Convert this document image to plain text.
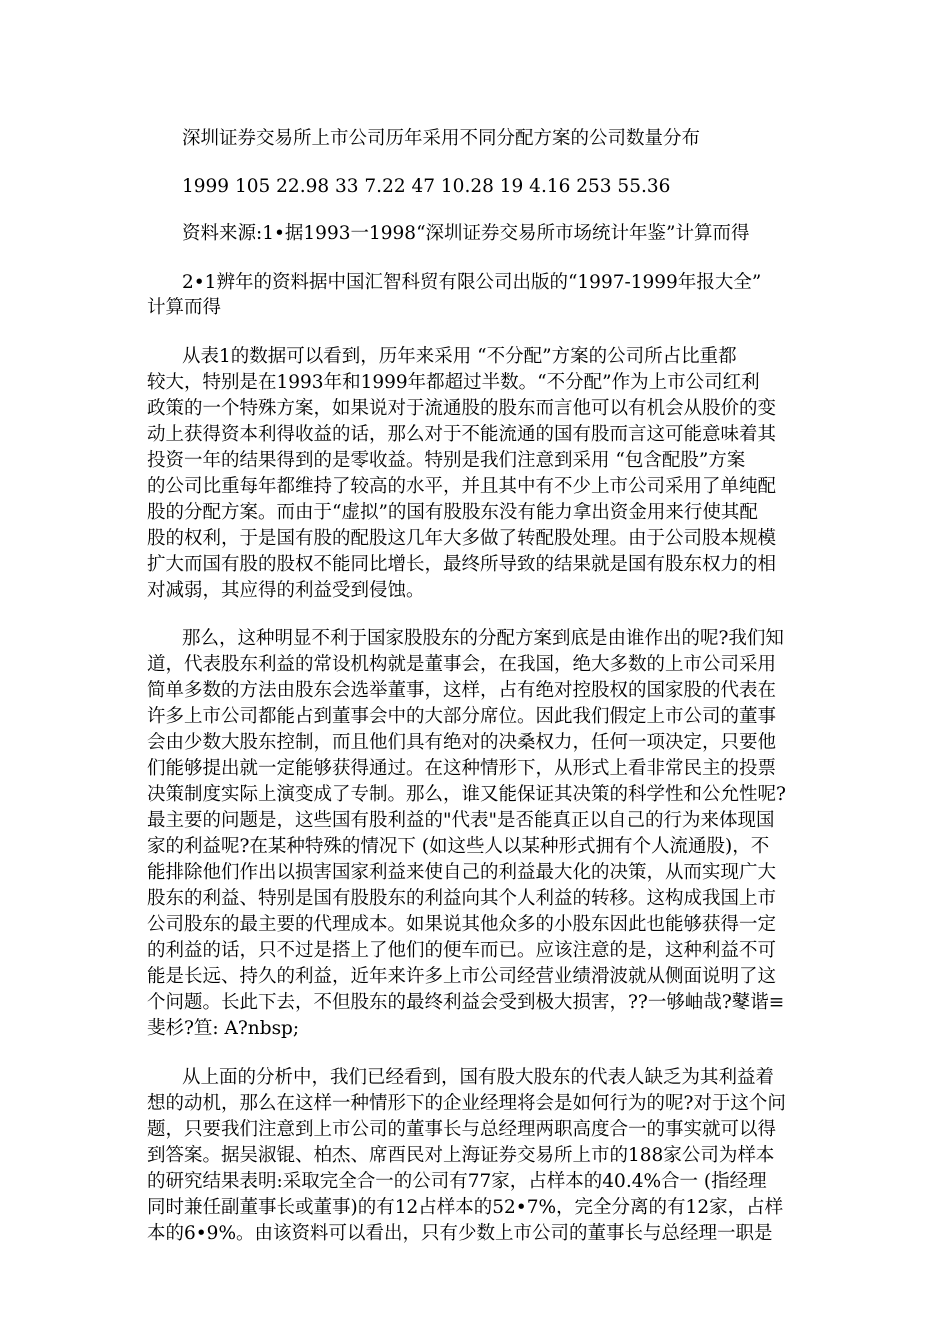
深圳证券交易所上市公司历年采用不同分配方案的公司数量分布
1999 105 22.98 33 7.22 47 10.28 19 4.16 253 55.36
资料来源:1•据1993一1998“深圳证券交易所市场统计年鉴”计算而得
2•1辨年的资料据中国汇智科贸有限公司出版的“1997-1999年报大全”
计算而得
从表1的数据可以看到，历年来采用 “不分配”方案的公司所占比重都
较大，特别是在1993年和1999年都超过半数。“不分配”作为上市公司红利
政策的一个特殊方案，如果说对于流通股的股东而言他可以有机会从股价的变
动上获得资本利得收益的话，那么对于不能流通的国有股而言这可能意味着其
投资一年的结果得到的是零收益。特别是我们注意到采用 “包含配股”方案
的公司比重每年都维持了较高的水平，并且其中有不少上市公司采用了单纯配
股的分配方案。而由于“虚拟”的国有股股东没有能力拿出资金用来行使其配
股的权利，于是国有股的配股这几年大多做了转配股处理。由于公司股本规模
扩大而国有股的股权不能同比增长，最终所导致的结果就是国有股东权力的相
对减弱，其应得的利益受到侵蚀。
那么，这种明显不利于国家股股东的分配方案到底是由谁作出的呢?我们知
道，代表股东利益的常设机构就是董事会，在我国，绝大多数的上市公司采用
简单多数的方法由股东会选举董事，这样，占有绝对控股权的国家股的代表在
许多上市公司都能占到董事会中的大部分席位。因此我们假定上市公司的董事
会由少数大股东控制，而且他们具有绝对的决桑权力，任何一项决定，只要他
们能够提出就一定能够获得通过。在这种情形下，从形式上看非常民主的投票
决策制度实际上演变成了专制。那么，谁又能保证其决策的科学性和公允性呢?
最主要的问题是，这些国有股利益的"代表"是否能真正以自己的行为来体现国
家的利益呢?在某种特殊的情况下 (如这些人以某种形式拥有个人流通股)，不
能排除他们作出以损害国家利益来使自己的利益最大化的决策，从而实现广大
股东的利益、特别是国有股股东的利益向其个人利益的转移。这构成我国上市
公司股东的最主要的代理成本。如果说其他众多的小股东因此也能够获得一定
的利益的话，只不过是搭上了他们的便车而已。应该注意的是，这种利益不可
能是长远、持久的利益，近年来许多上市公司经营业绩滑波就从侧面说明了这
个问题。长此下去，不但股东的最终利益会受到极大损害，??一够岫哉?鼕谐≡
斐杉?笪: A?nbsp;
从上面的分析中，我们已经看到，国有股大股东的代表人缺乏为其利益着
想的动机，那么在这样一种情形下的企业经理将会是如何行为的呢?对于这个问
题，只要我们注意到上市公司的董事长与总经理两职高度合一的事实就可以得
到答案。据吴淑锟、柏杰、席酉民对上海证券交易所上市的188家公司为样本
的研究结果表明:采取完全合一的公司有77家，占样本的40.4%合一 (指经理
同时兼任副董事长或董事)的有12占样本的52•7%，完全分离的有12家，占样
本的6•9%。由该资料可以看出，只有少数上市公司的董事长与总经理一职是
